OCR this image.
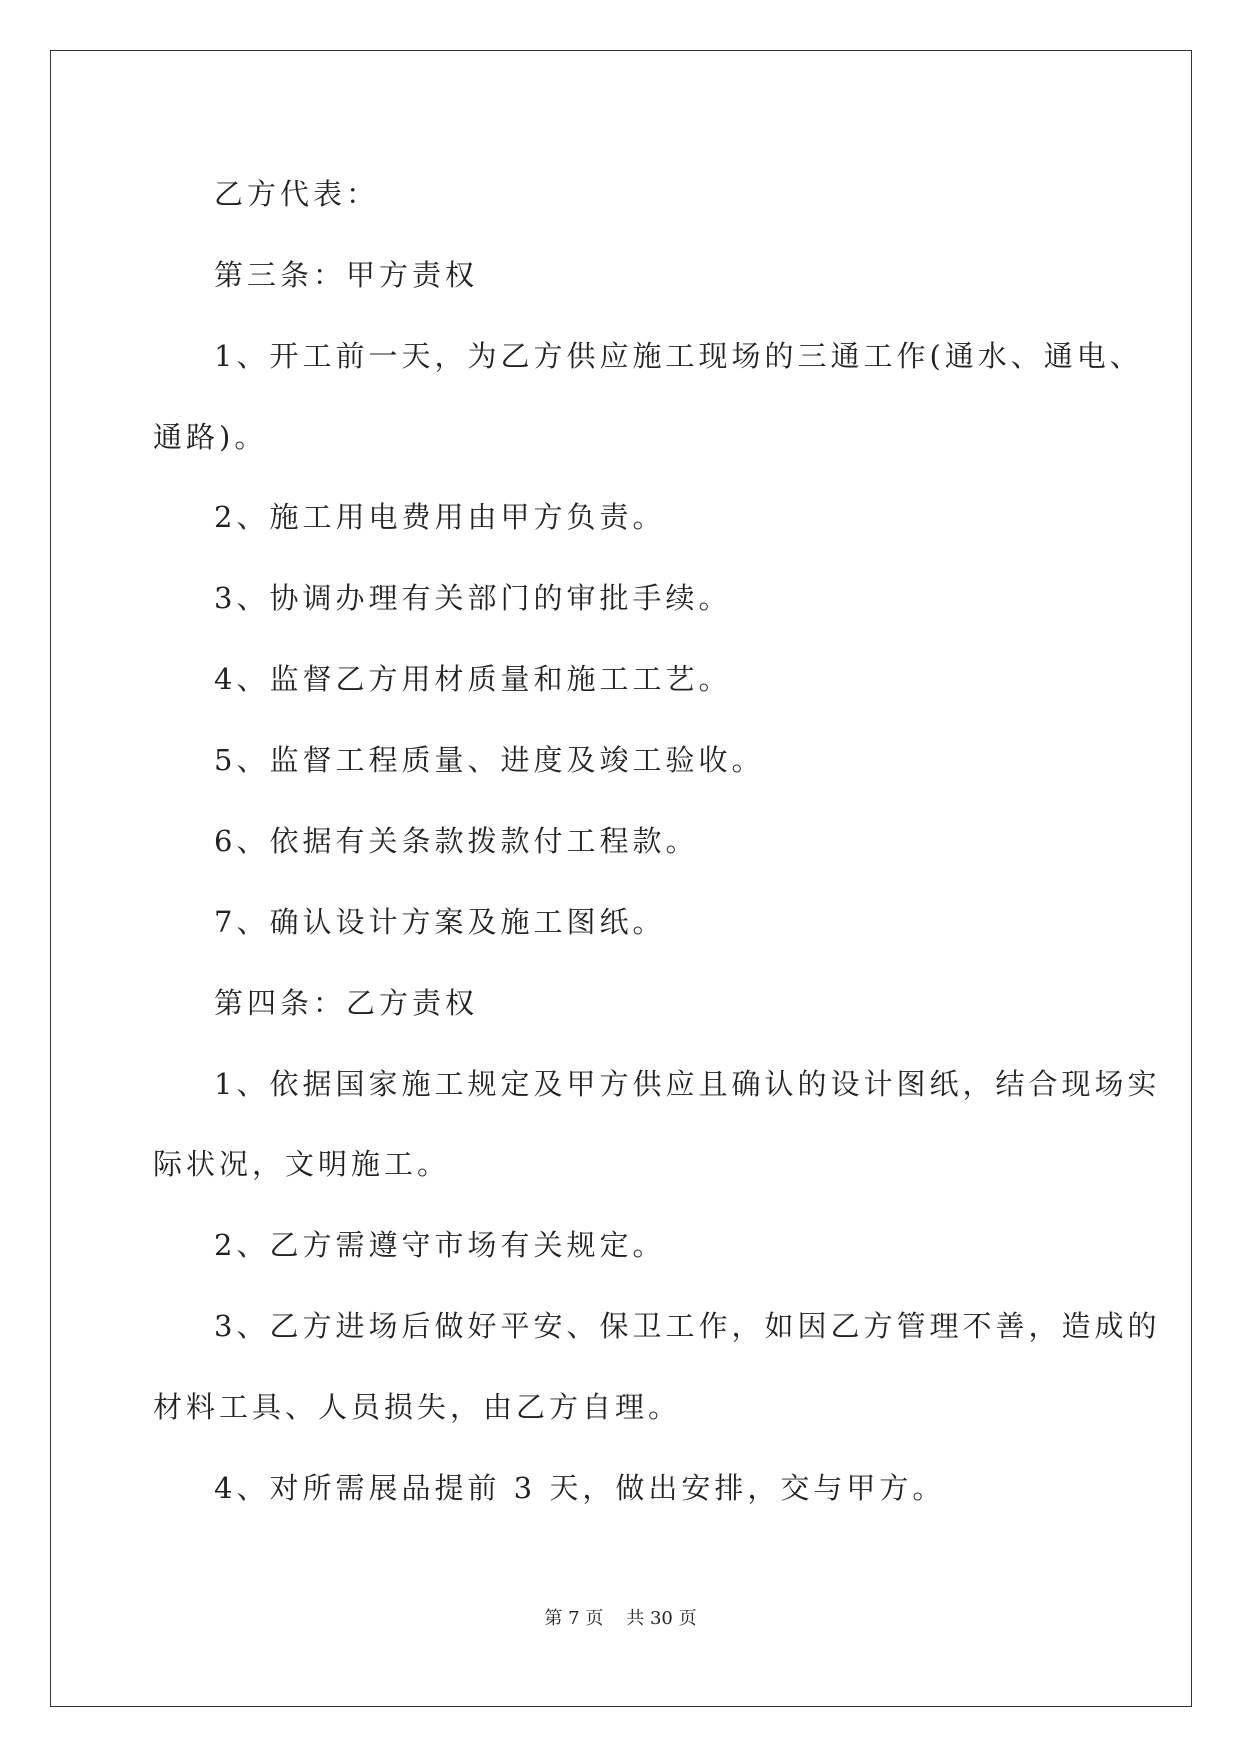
乙方代表：
第三条：甲方责权
1、开工前一天，为乙方供应施工现场的三通工作(通水、通电、
通路)。
2、施工用电费用由甲方负责。
3、协调办理有关部门的审批手续。
4、监督乙方用材质量和施工工艺。
5、监督工程质量、进度及竣工验收。
6、依据有关条款拨款付工程款。
7、确认设计方案及施工图纸。
第四条：乙方责权
1、依据国家施工规定及甲方供应且确认的设计图纸，结合现场实
际状况，文明施工。
2、乙方需遵守市场有关规定。
3、乙方进场后做好平安、保卫工作，如因乙方管理不善，造成的
材料工具、人员损失，由乙方自理。
4、对所需展品提前 3 天，做出安排，交与甲方。
第 7 页 共 30 页
